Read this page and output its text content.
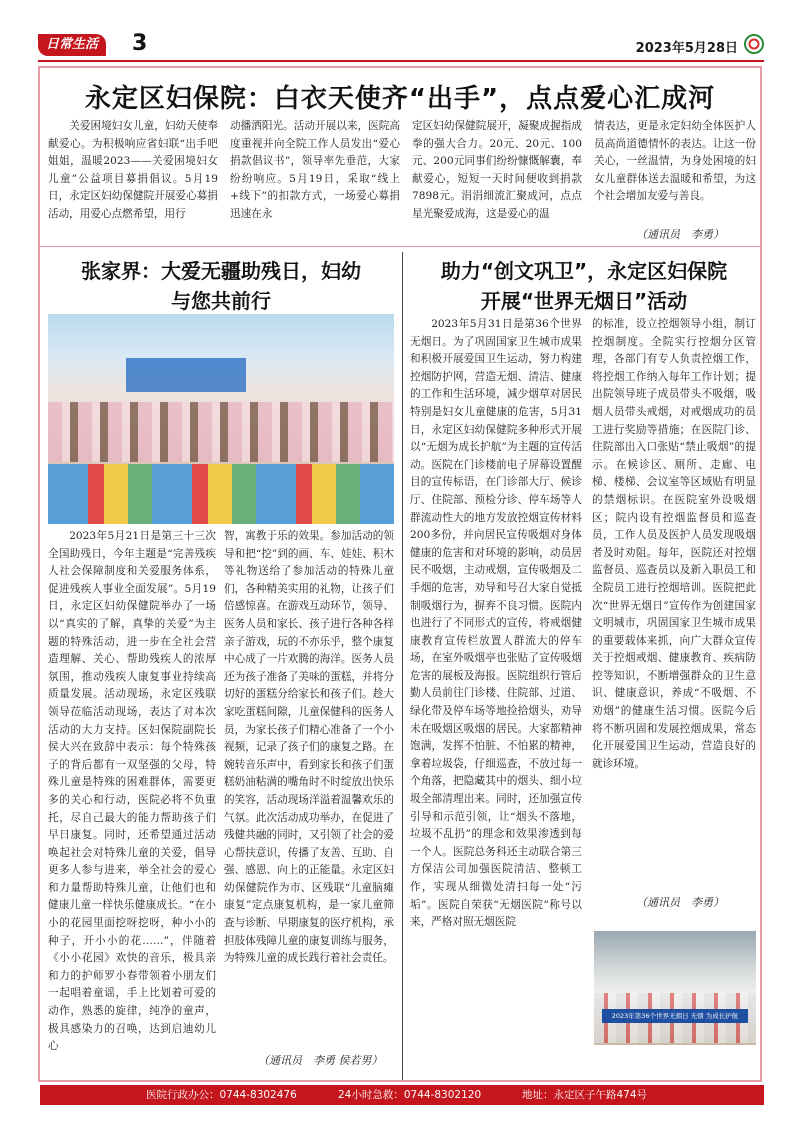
日常生活	3	2023年5月28日
永定区妇保院：白衣天使齐“出手”，点点爱心汇成河

关爱困境妇女儿童，妇幼天使奉献爱心。为积极响应省妇联“出手吧姐姐，温暖2023——关爱困境妇女儿童”公益项目募捐倡议。5月19日，永定区妇幼保健院开展爱心募捐活动，用爱心点燃希望，用行

动播洒阳光。活动开展以来，医院高度重视并向全院工作人员发出“爱心捐款倡议书”，领导率先垂范，大家纷纷响应。5月19日，采取“线上+线下”的扣款方式，一场爱心募捐迅速在永

定区妇幼保健院展开，凝聚成握指成拳的强大合力。20元、20元、100元、200元同事们纷纷慷慨解囊，奉献爱心，短短一天时间便收到捐款7898元。涓涓细流汇聚成河，点点星光聚爱成海，这是爱心的温

情表达，更是永定妇幼全体医护人员高尚道德情怀的表达。让这一份关心，一丝温情，为身处困境的妇女儿童群体送去温暖和希望，为这个社会增加友爱与善良。

（通讯员　李勇）
张家界：大爱无疆助残日，妇幼
与您共前行

2023年5月21日是第三十三次全国助残日，今年主题是“完善残疾人社会保障制度和关爱服务体系，促进残疾人事业全面发展”。5月19日，永定区妇幼保健院举办了一场以“真实的了解，真挚的关爱”为主题的特殊活动，进一步在全社会营造理解、关心、帮助残疾人的浓厚氛围，推动残疾人康复事业持续高质量发展。活动现场，永定区残联领导莅临活动现场，表达了对本次活动的大力支持。区妇保院副院长侯大兴在致辞中表示：每个特殊孩子的背后都有一双坚强的父母，特殊儿童是特殊的困难群体，需要更多的关心和行动，医院必将不负重托，尽自己最大的能力帮助孩子们早日康复。同时，还希望通过活动唤起社会对特殊儿童的关爱，倡导更多人参与进来，举全社会的爱心和力量帮助特殊儿童，让他们也和健康儿童一样快乐健康成长。“在小小的花园里面挖呀挖呀，种小小的种子，开小小的花……”，伴随着《小小花园》欢快的音乐，极具亲和力的护师罗小春带领着小朋友们一起唱着童谣，手上比划着可爱的动作，熟悉的旋律，纯净的童声，极具感染力的召唤，达到启迪幼儿心

智，寓教于乐的效果。参加活动的领导和把“挖”到的画、车、娃娃、积木等礼物送给了参加活动的特殊儿童们，各种精美实用的礼物，让孩子们倍感惊喜。在游戏互动环节，领导、医务人员和家长、孩子进行各种各样亲子游戏，玩的不亦乐乎，整个康复中心成了一片欢腾的海洋。医务人员还为孩子准备了美味的蛋糕，并将分切好的蛋糕分给家长和孩子们。趁大家吃蛋糕间隙，儿童保健科的医务人员，为家长孩子们精心准备了一个小视频，记录了孩子们的康复之路。在婉转音乐声中，看到家长和孩子们蛋糕奶油粘满的嘴角时不时绽放出快乐的笑容，活动现场洋溢着温馨欢乐的气氛。此次活动成功举办，在促进了残健共融的同时，又引领了社会的爱心帮扶意识，传播了友善、互助、自强、感恩、向上的正能量。永定区妇幼保健院作为市、区残联“儿童脑瘫康复”定点康复机构，是一家儿童筛查与诊断、早期康复的医疗机构，承担肢体残障儿童的康复训练与服务，为特殊儿童的成长践行着社会责任。

（通讯员　李勇 侯若男）
助力“创文巩卫”，永定区妇保院
开展“世界无烟日”活动

2023年5月31日是第36个世界无烟日。为了巩固国家卫生城市成果和积极开展爱国卫生运动，努力构建控烟防护网，营造无烟、清洁、健康的工作和生活环境，减少烟草对居民特别是妇女儿童健康的危害，5月31日，永定区妇幼保健院多种形式开展以“无烟为成长护航”为主题的宣传活动。医院在门诊楼前电子屏幕设置醒目的宣传标语，在门诊部大厅、候诊厅、住院部、预检分诊、停车场等人群流动性大的地方发放控烟宣传材料200多份，并向居民宣传吸烟对身体健康的危害和对环境的影响，动员居民不吸烟，主动戒烟，宣传吸烟及二手烟的危害，劝导和号召大家自觉抵制吸烟行为，摒弃不良习惯。医院内也进行了不同形式的宣传，将戒烟健康教育宣传栏放置人群流大的停车场，在室外吸烟亭也张贴了宣传吸烟危害的展板及海报。医院组织行管后勤人员前往门诊楼、住院部、过道、绿化带及停车场等地捡拾烟头，劝导未在吸烟区吸烟的居民。大家都精神饱满，发挥不怕脏、不怕累的精神，拿着垃圾袋，仔细巡查，不放过每一个角落，把隐藏其中的烟头、细小垃圾全部清理出来。同时，还加强宣传引导和示范引领，让“烟头不落地，垃圾不乱扔”的理念和效果渗透到每一个人。医院总务科还主动联合第三方保洁公司加强医院清洁、整顿工作，实现从细微处清扫每一处“污垢”。医院自荣获“无烟医院”称号以来，严格对照无烟医院

的标准，设立控烟领导小组，制订控烟制度。全院实行控烟分区管理，各部门有专人负责控烟工作，将控烟工作纳入每年工作计划；提出院领导班子成员带头不吸烟，吸烟人员带头戒烟，对戒烟成功的员工进行奖励等措施；在医院门诊、住院部出入口张贴“禁止吸烟”的提示。在候诊区、厕所、走廊、电梯、楼梯、会议室等区域贴有明显的禁烟标识。在医院室外设吸烟区；院内设有控烟监督员和巡查员，工作人员及医护人员发现吸烟者及时劝阻。每年，医院还对控烟监督员、巡查员以及新入职员工和全院员工进行控烟培训。医院把此次“世界无烟日”宣传作为创建国家文明城市，巩固国家卫生城市成果的重要载体来抓，向广大群众宣传关于控烟戒烟、健康教育、疾病防控等知识，不断增强群众的卫生意识、健康意识，养成“不吸烟、不劝烟”的健康生活习惯。医院今后将不断巩固和发展控烟成果，常态化开展爱国卫生运动，营造良好的就诊环境。

（通讯员　李勇）
2023年第36个世界无烟日 无烟 为成长护航
医院行政办公：0744-8302476	24小时急救：0744-8302120	地址：永定区子午路474号
